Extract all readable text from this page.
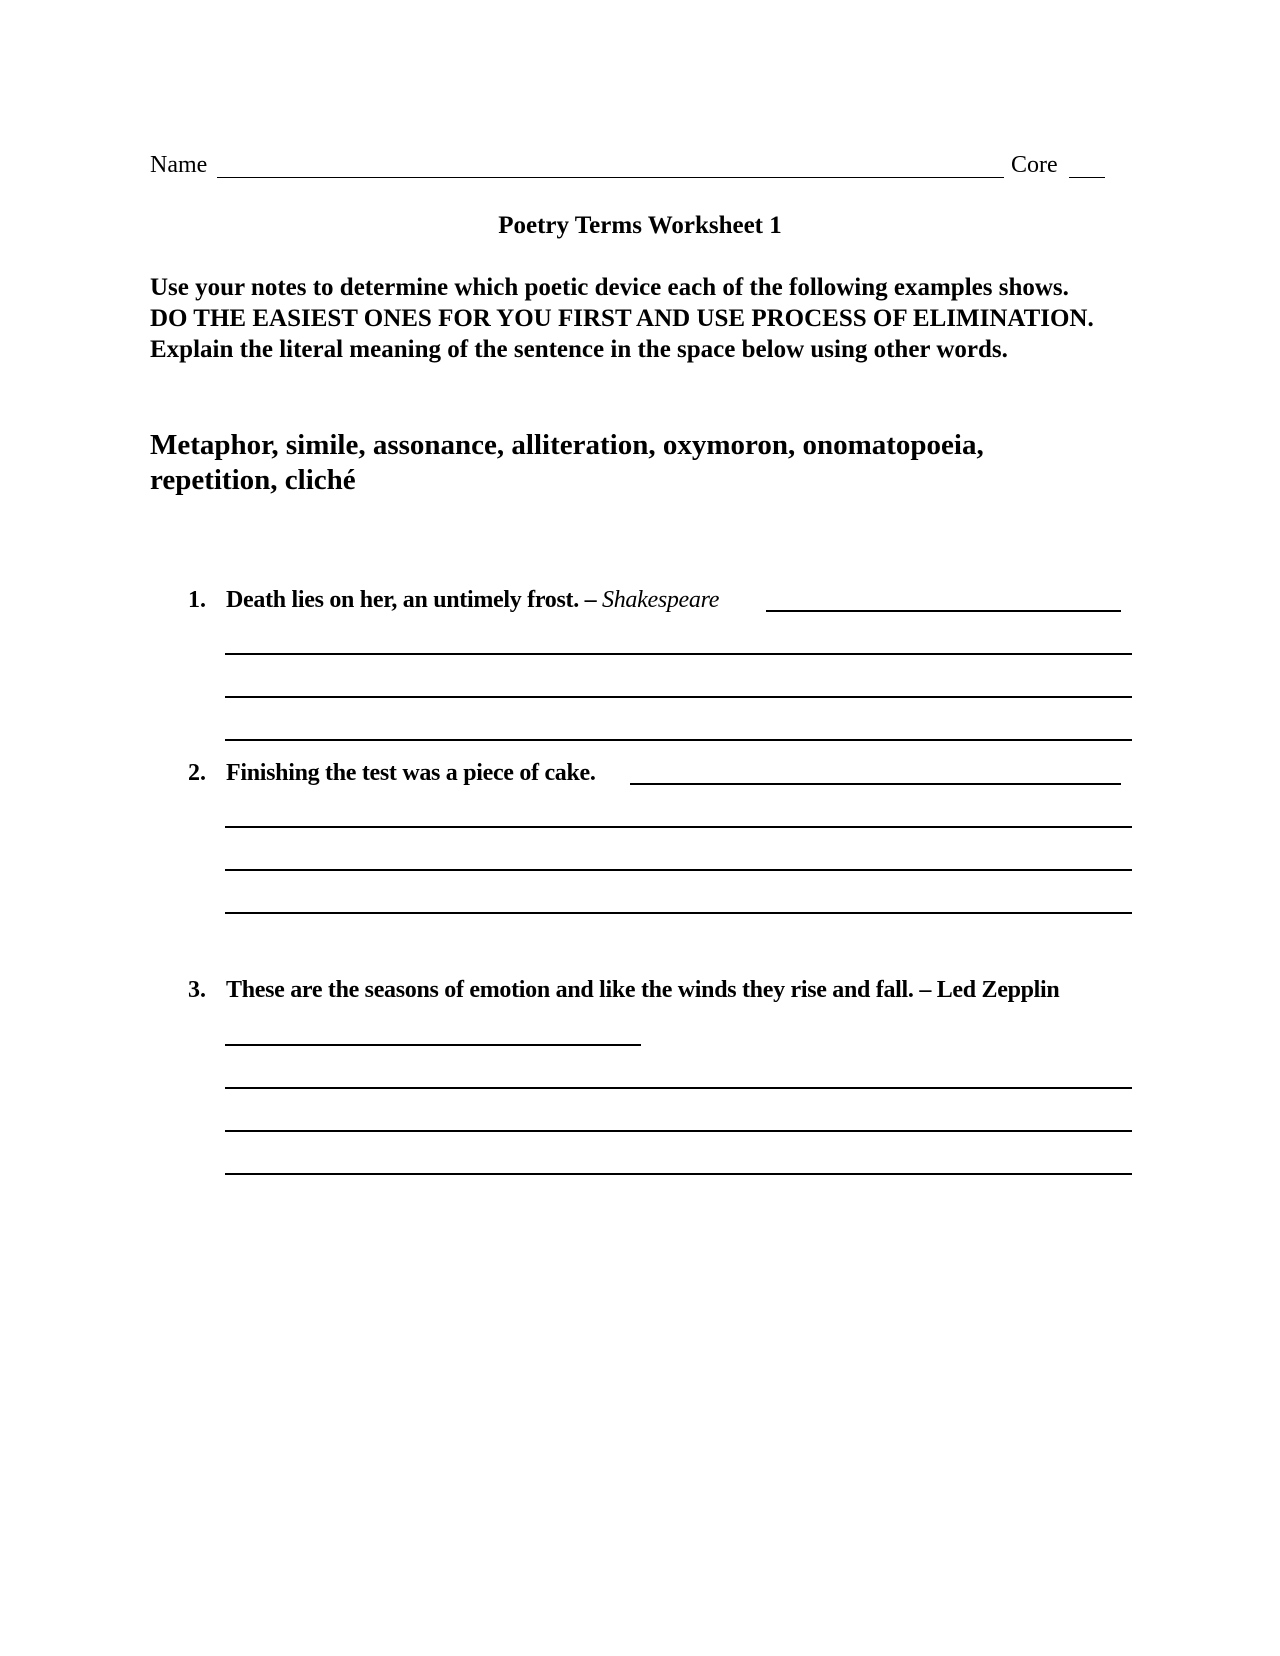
Name	Core
Poetry Terms Worksheet 1
Use your notes to determine which poetic device each of the following examples shows. DO THE EASIEST ONES FOR YOU FIRST AND USE PROCESS OF ELIMINATION. Explain the literal meaning of the sentence in the space below using other words.
Metaphor, simile, assonance, alliteration, oxymoron, onomatopoeia,
repetition, cliché
1. Death lies on her, an untimely frost. – Shakespeare
2. Finishing the test was a piece of cake.
3. These are the seasons of emotion and like the winds they rise and fall. – Led Zepplin
